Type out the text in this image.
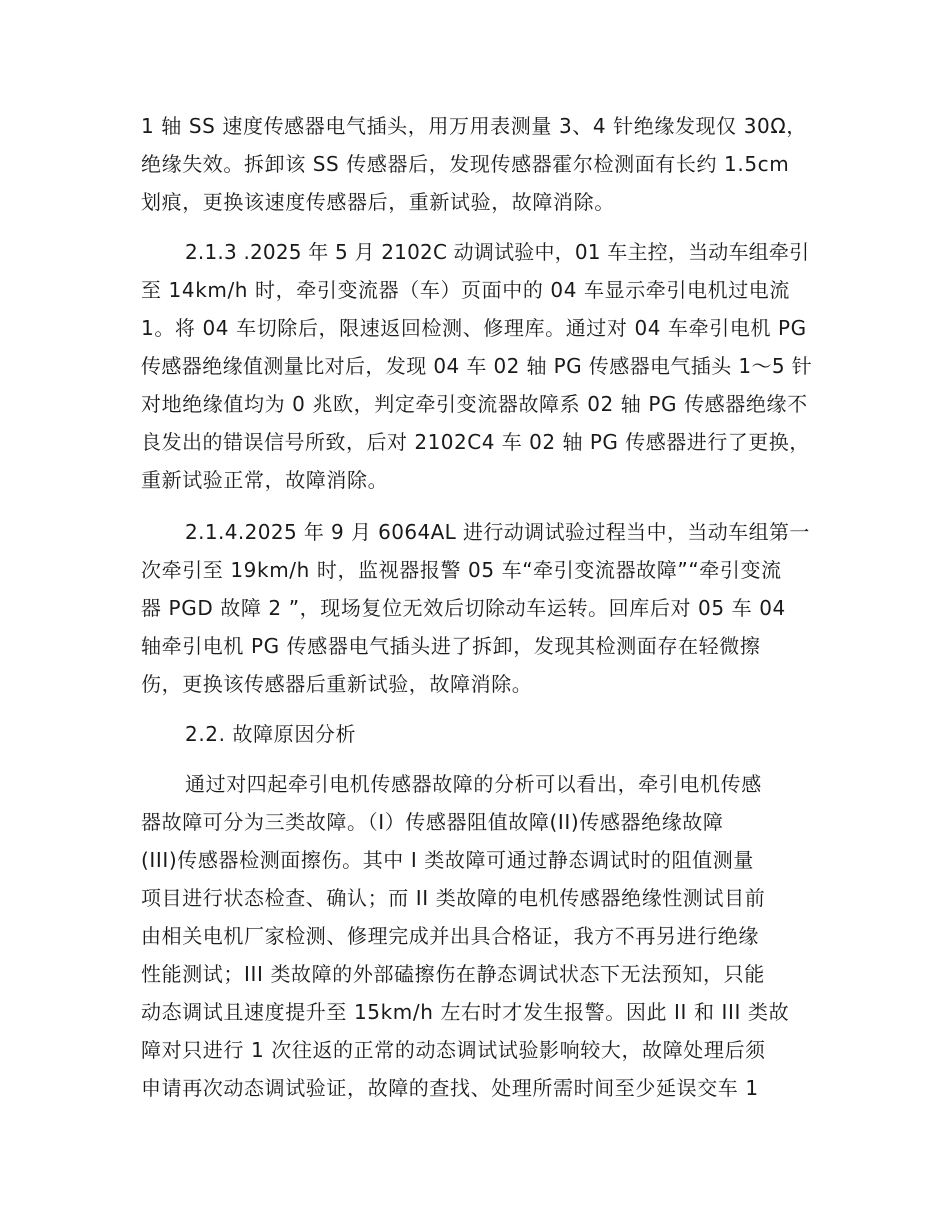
1 轴 SS 速度传感器电气插头，用万用表测量 3、4 针绝缘发现仅 30Ω，
绝缘失效。拆卸该 SS 传感器后，发现传感器霍尔检测面有长约 1.5cm
划痕，更换该速度传感器后，重新试验，故障消除。
2.1.3 .2025 年 5 月 2102C 动调试验中，01 车主控，当动车组牵引
至 14km/h 时，牵引变流器（车）页面中的 04 车显示牵引电机过电流
1。将 04 车切除后，限速返回检测、修理库。通过对 04 车牵引电机 PG
传感器绝缘值测量比对后，发现 04 车 02 轴 PG 传感器电气插头 1～5 针
对地绝缘值均为 0 兆欧，判定牵引变流器故障系 02 轴 PG 传感器绝缘不
良发出的错误信号所致，后对 2102C4 车 02 轴 PG 传感器进行了更换，
重新试验正常，故障消除。
2.1.4.2025 年 9 月 6064AL 进行动调试验过程当中，当动车组第一
次牵引至 19km/h 时，监视器报警 05 车“牵引变流器故障”“牵引变流
器 PGD 故障 2 ”，现场复位无效后切除动车运转。回库后对 05 车 04
轴牵引电机 PG 传感器电气插头进了拆卸，发现其检测面存在轻微擦
伤，更换该传感器后重新试验，故障消除。
2.2. 故障原因分析
通过对四起牵引电机传感器故障的分析可以看出，牵引电机传感
器故障可分为三类故障。（I）传感器阻值故障(II)传感器绝缘故障
(III)传感器检测面擦伤。其中 I 类故障可通过静态调试时的阻值测量
项目进行状态检查、确认；而 II 类故障的电机传感器绝缘性测试目前
由相关电机厂家检测、修理完成并出具合格证，我方不再另进行绝缘
性能测试；III 类故障的外部磕擦伤在静态调试状态下无法预知，只能
动态调试且速度提升至 15km/h 左右时才发生报警。因此 II 和 III 类故
障对只进行 1 次往返的正常的动态调试试验影响较大，故障处理后须
申请再次动态调试验证，故障的查找、处理所需时间至少延误交车 1
